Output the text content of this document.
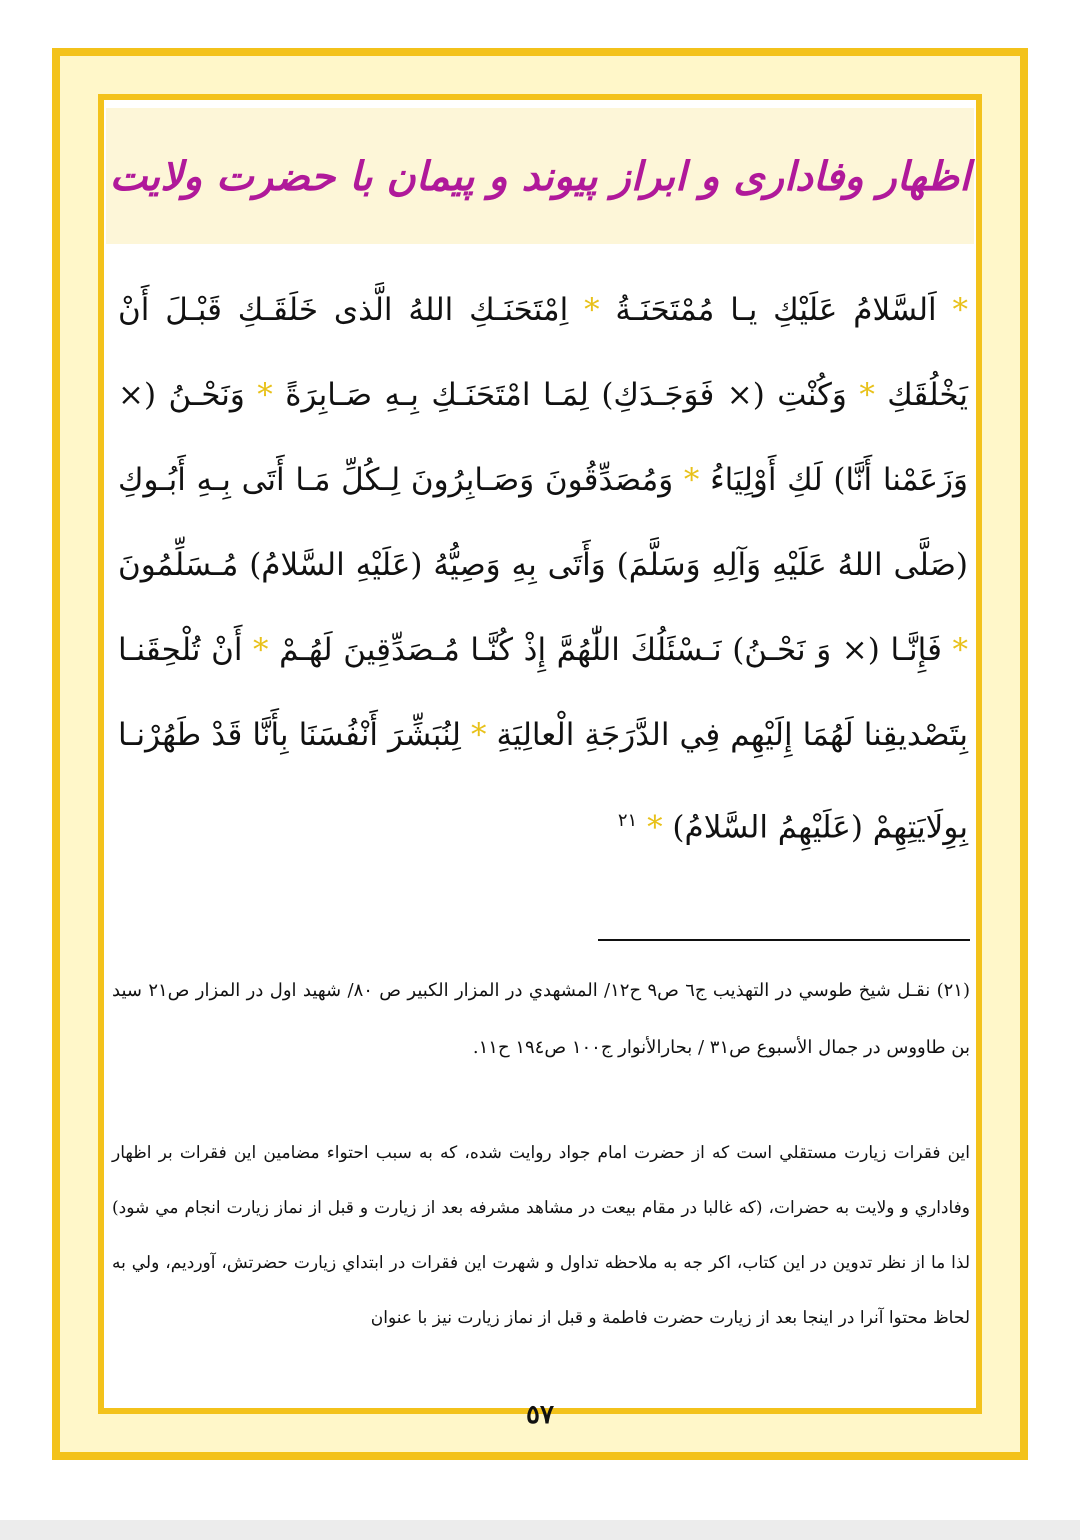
اظهار وفاداری و ابراز پیوند و پیمان با حضرت ولایت

* اَلسَّلامُ عَلَيْكِ يـا مُمْتَحَنَـةُ * اِمْتَحَنَـكِ اللهُ الَّذى خَلَقَـكِ قَبْـلَ أَنْ يَخْلُقَكِ * وَكُنْتِ (× فَوَجَـدَكِ) لِمَـا امْتَحَنَـكِ بِـهِ صَـابِرَةً * وَنَحْـنُ (× وَزَعَمْنا أَنَّا) لَكِ أَوْلِيَاءُ * وَمُصَدِّقُونَ وَصَـابِرُونَ لِـكُلِّ مَـا أَتَى بِـهِ أَبُـوكِ (صَلَّى اللهُ عَلَيْهِ وَآلِهِ وَسَلَّمَ) وَأَتَى بِهِ وَصِيُّهُ (عَلَيْهِ السَّلامُ) مُـسَلِّمُونَ * فَإِنَّـا (× وَ نَحْـنُ) نَـسْئَلُكَ اللّٰهُمَّ إِذْ كُنَّـا مُـصَدِّقِينَ لَهُـمْ * أَنْ تُلْحِقَنـا بِتَصْديقِنا لَهُمَا إِلَيْهِم فِي الدَّرَجَةِ الْعالِيَةِ * لِنُبَشِّرَ أَنْفُسَنَا بِأَنَّا قَدْ طَهُرْنـا بِوِلَايَتِهِمْ (عَلَيْهِمُ السَّلامُ) * $^{٢١}$

(٢١) نقـل شيخ طوسي در التهذيب ج٦ ص٩ ح١٢/ المشهدي در المزار الكبير ص ٨٠/ شهيد اول در المزار ص٢١ سيد بن طاووس در جمال الأسبوع ص٣١ / بحارالأنوار ج١٠٠ ص١٩٤ ح١١.

اين فقرات زيارت مستقلي است كه از حضرت امام جواد روايت شده، كه به سبب احتواء مضامين اين فقرات بر اظهار وفاداري و ولايت به حضرات، (كه غالبا در مقام بيعت در مشاهد مشرفه بعد از زيارت و قبل از نماز زيارت انجام مي شود) لذا ما از نظر تدوين در اين كتاب، اكر جه به ملاحظه تداول و شهرت اين فقرات در ابتداي زيارت حضرتش، آورديم، ولي به لحاظ محتوا آنرا در اينجا بعد از زيارت حضرت فاطمة و قبل از نماز زيارت نيز با عنوان

٥٧
